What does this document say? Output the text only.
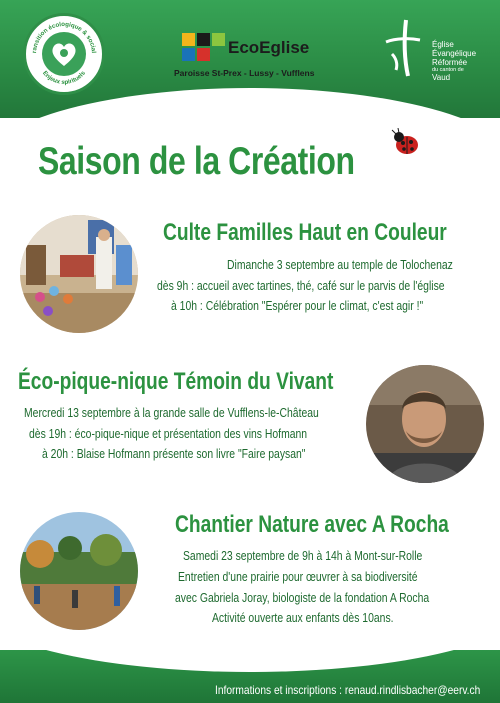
ransition écologique & social
Enjeux spirituels
EcoEglise
Paroisse St-Prex - Lussy - Vufflens
Église
Évangélique
Réformée
du canton de
Vaud
Saison de la Création
Culte Familles Haut en Couleur
Dimanche 3 septembre au temple de Tolochenaz
dès 9h : accueil avec tartines, thé, café sur le parvis de l'église
à 10h : Célébration "Espérer pour le climat, c'est agir !"
Éco-pique-nique Témoin du Vivant
Mercredi 13 septembre à la grande salle de Vufflens-le-Château
dès 19h : éco-pique-nique et présentation des vins Hofmann
à 20h : Blaise Hofmann présente son livre "Faire paysan"
Chantier Nature avec A Rocha
Samedi 23 septembre de 9h à 14h à Mont-sur-Rolle
Entretien d'une prairie pour œuvrer à sa biodiversité
avec Gabriela Joray, biologiste de la fondation A Rocha
Activité ouverte aux enfants dès 10ans.
Informations et inscriptions : renaud.rindlisbacher@eerv.ch
